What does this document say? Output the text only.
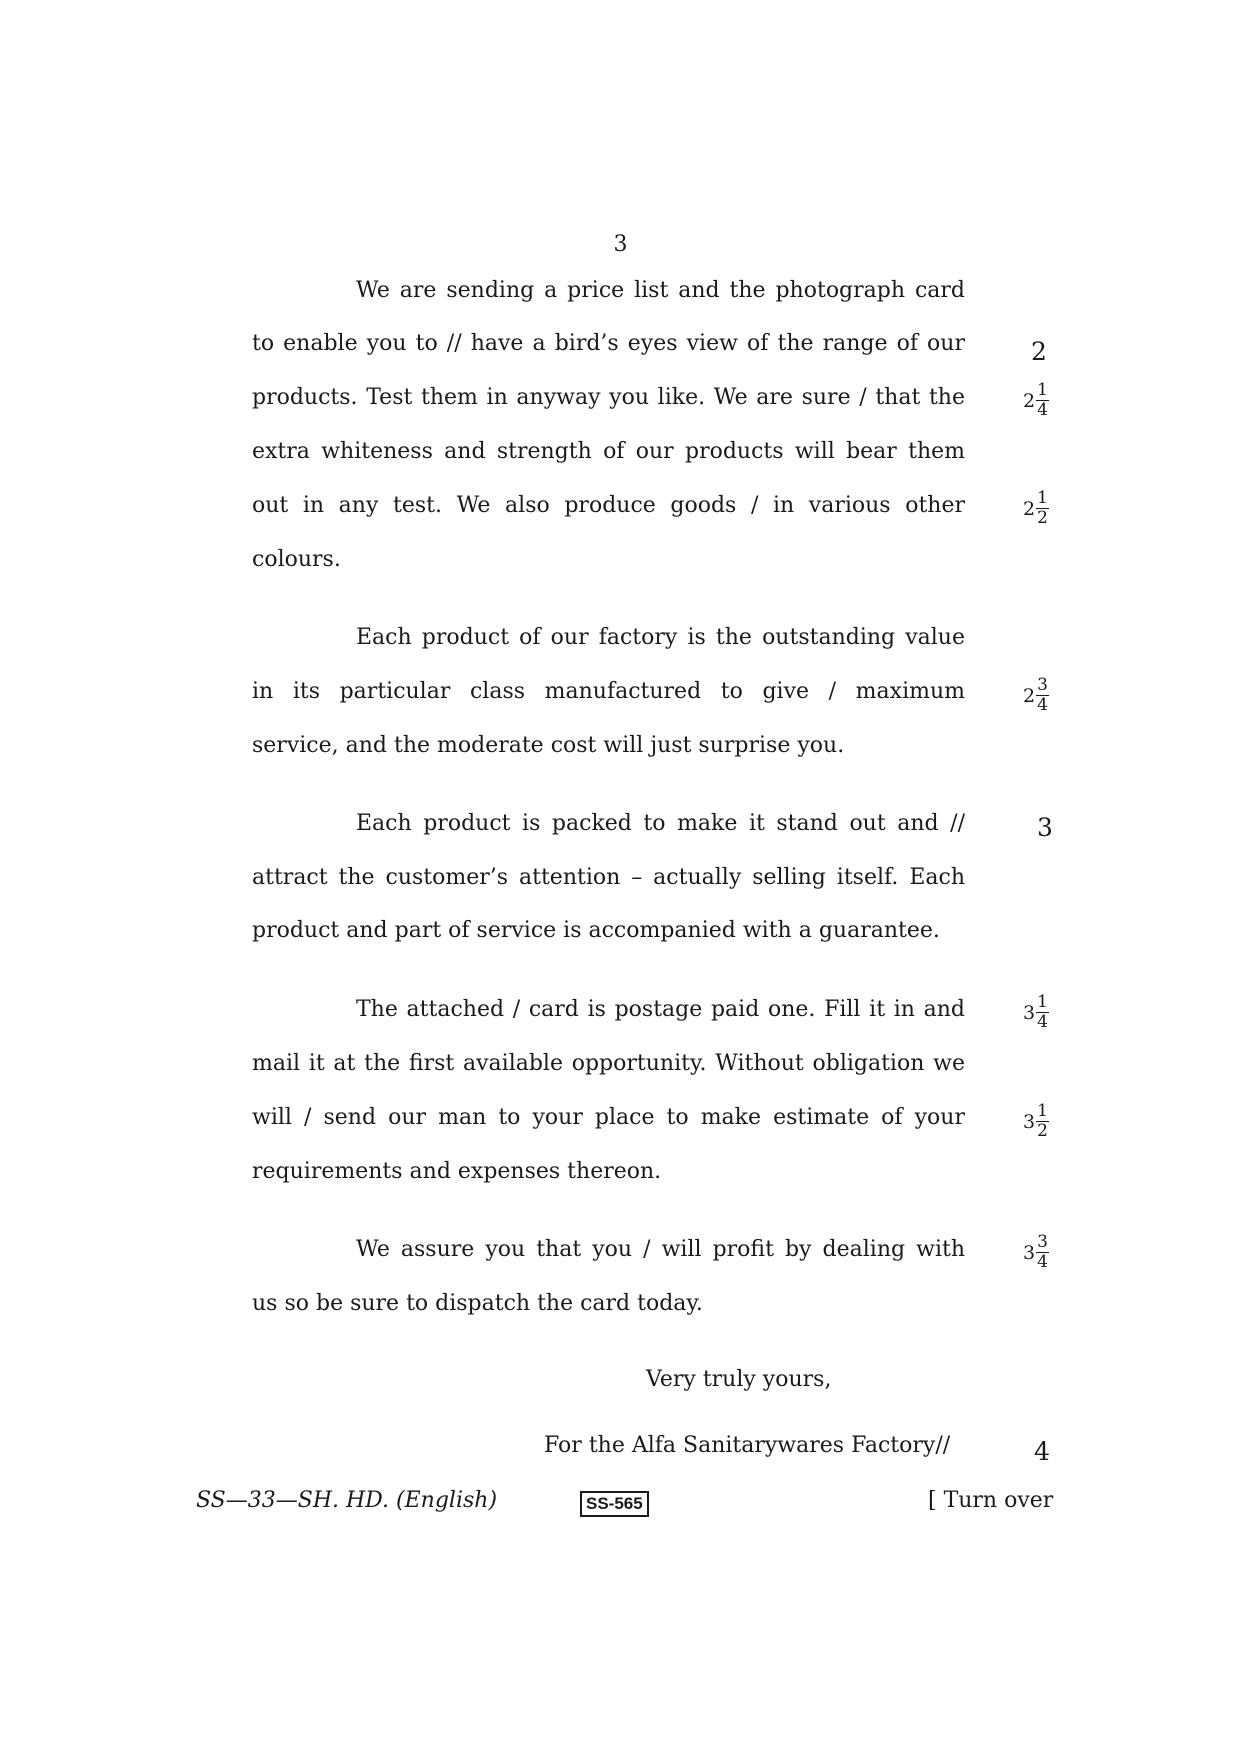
3
We are sending a price list and the photograph card
to enable you to // have a bird’s eyes view of the range of our
products. Test them in anyway you like. We are sure / that the
extra whiteness and strength of our products will bear them
out in any test. We also produce goods / in various other
colours.
Each product of our factory is the outstanding value
in its particular class manufactured to give / maximum
service, and the moderate cost will just surprise you.
Each product is packed to make it stand out and //
attract the customer’s attention – actually selling itself. Each
product and part of service is accompanied with a guarantee.
The attached / card is postage paid one. Fill it in and
mail it at the first available opportunity. Without obligation we
will / send our man to your place to make estimate of your
requirements and expenses thereon.
We assure you that you / will profit by dealing with
us so be sure to dispatch the card today.
Very truly yours,
For the Alfa Sanitarywares Factory//
2
$2 \frac{1}{4}$
$2 \frac{1}{2}$
$2 \frac{3}{4}$
3
$3 \frac{1}{4}$
$3 \frac{1}{2}$
$3 \frac{3}{4}$
4
SS—33—SH. HD. (English)	SS-565	[ Turn over
